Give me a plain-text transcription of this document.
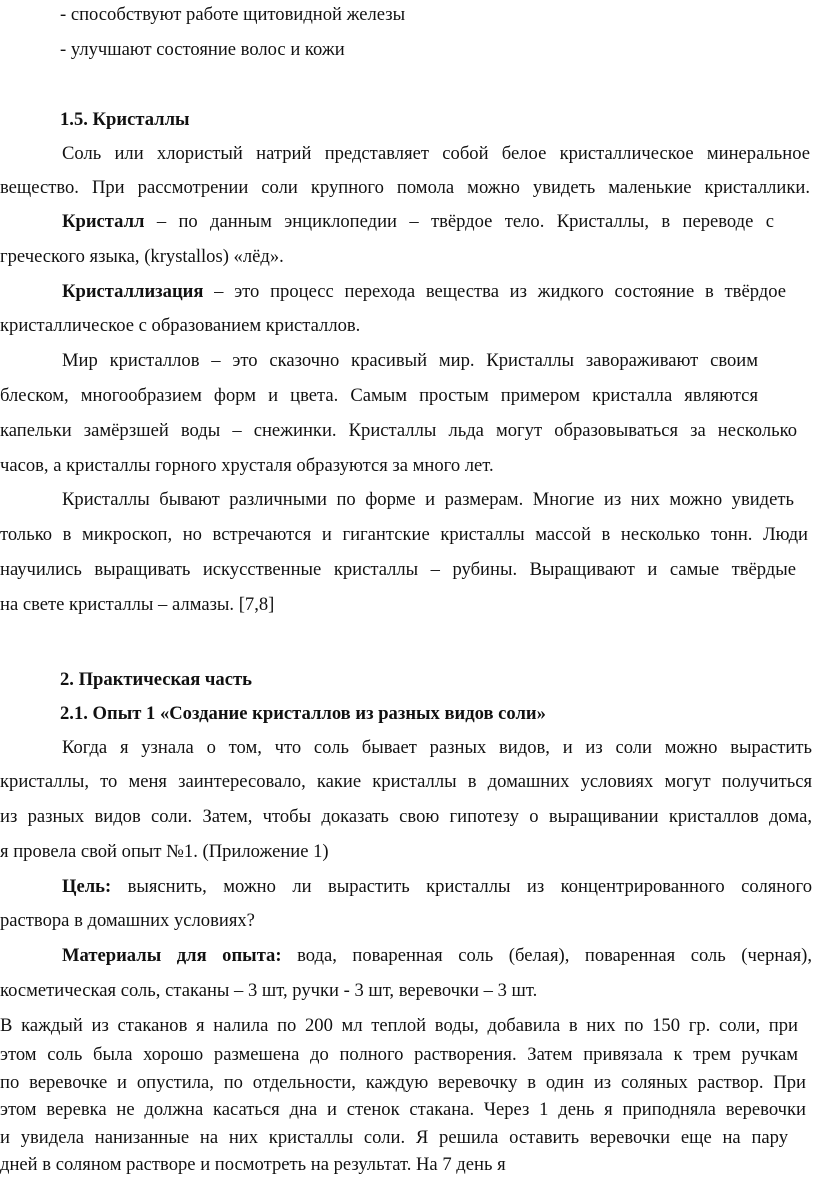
- способствуют работе щитовидной железы
- улучшают состояние волос и кожи
1.5. Кристаллы
Соль или хлористый натрий представляет собой белое кристаллическое минеральное
вещество. При рассмотрении соли крупного помола можно увидеть маленькие кристаллики.
Кристалл – по данным энциклопедии – твёрдое тело. Кристаллы, в переводе с
греческого языка, (krystallos) «лёд».
Кристаллизация – это процесс перехода вещества из жидкого состояние в твёрдое
кристаллическое с образованием кристаллов.
Мир кристаллов – это сказочно красивый мир. Кристаллы завораживают своим
блеском, многообразием форм и цвета. Самым простым примером кристалла являются
капельки замёрзшей воды – снежинки. Кристаллы льда могут образовываться за несколько
часов, а кристаллы горного хрусталя образуются за много лет.
Кристаллы бывают различными по форме и размерам. Многие из них можно увидеть
только в микроскоп, но встречаются и гигантские кристаллы массой в несколько тонн. Люди
научились выращивать искусственные кристаллы – рубины. Выращивают и самые твёрдые
на свете кристаллы – алмазы. [7,8]
2. Практическая часть
2.1. Опыт 1 «Создание кристаллов из разных видов соли»
Когда я узнала о том, что соль бывает разных видов, и из соли можно вырастить
кристаллы, то меня заинтересовало, какие кристаллы в домашних условиях могут получиться
из разных видов соли. Затем, чтобы доказать свою гипотезу о выращивании кристаллов дома,
я провела свой опыт №1. (Приложение 1)
Цель: выяснить, можно ли вырастить кристаллы из концентрированного соляного
раствора в домашних условиях?
Материалы для опыта: вода, поваренная соль (белая), поваренная соль (черная),
косметическая соль, стаканы – 3 шт, ручки - 3 шт, веревочки – 3 шт.
В каждый из стаканов я налила по 200 мл теплой воды, добавила в них по 150 гр. соли, при
этом соль была хорошо размешена до полного растворения. Затем привязала к трем ручкам
по веревочке и опустила, по отдельности, каждую веревочку в один из соляных раствор. При
этом веревка не должна касаться дна и стенок стакана. Через 1 день я приподняла веревочки
и увидела нанизанные на них кристаллы соли. Я решила оставить веревочки еще на пару
дней в соляном растворе и посмотреть на результат. На 7 день я
